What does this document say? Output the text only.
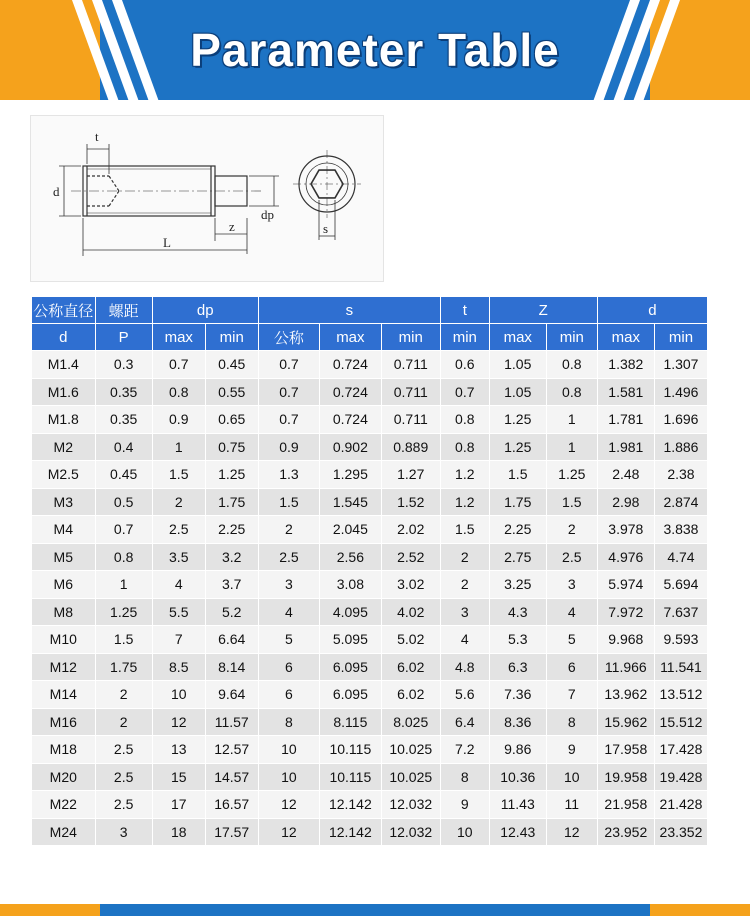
Parameter Table
t
d
dp
z
L
s
公称直径	螺距	dp		s			t	Z		d	
d	P	max	min	公称	max	min	min	max	min	max	min
M1.4	0.3	0.7	0.45	0.7	0.724	0.711	0.6	1.05	0.8	1.382	1.307
M1.6	0.35	0.8	0.55	0.7	0.724	0.711	0.7	1.05	0.8	1.581	1.496
M1.8	0.35	0.9	0.65	0.7	0.724	0.711	0.8	1.25	1	1.781	1.696
M2	0.4	1	0.75	0.9	0.902	0.889	0.8	1.25	1	1.981	1.886
M2.5	0.45	1.5	1.25	1.3	1.295	1.27	1.2	1.5	1.25	2.48	2.38
M3	0.5	2	1.75	1.5	1.545	1.52	1.2	1.75	1.5	2.98	2.874
M4	0.7	2.5	2.25	2	2.045	2.02	1.5	2.25	2	3.978	3.838
M5	0.8	3.5	3.2	2.5	2.56	2.52	2	2.75	2.5	4.976	4.74
M6	1	4	3.7	3	3.08	3.02	2	3.25	3	5.974	5.694
M8	1.25	5.5	5.2	4	4.095	4.02	3	4.3	4	7.972	7.637
M10	1.5	7	6.64	5	5.095	5.02	4	5.3	5	9.968	9.593
M12	1.75	8.5	8.14	6	6.095	6.02	4.8	6.3	6	11.966	11.541
M14	2	10	9.64	6	6.095	6.02	5.6	7.36	7	13.962	13.512
M16	2	12	11.57	8	8.115	8.025	6.4	8.36	8	15.962	15.512
M18	2.5	13	12.57	10	10.115	10.025	7.2	9.86	9	17.958	17.428
M20	2.5	15	14.57	10	10.115	10.025	8	10.36	10	19.958	19.428
M22	2.5	17	16.57	12	12.142	12.032	9	11.43	11	21.958	21.428
M24	3	18	17.57	12	12.142	12.032	10	12.43	12	23.952	23.352
